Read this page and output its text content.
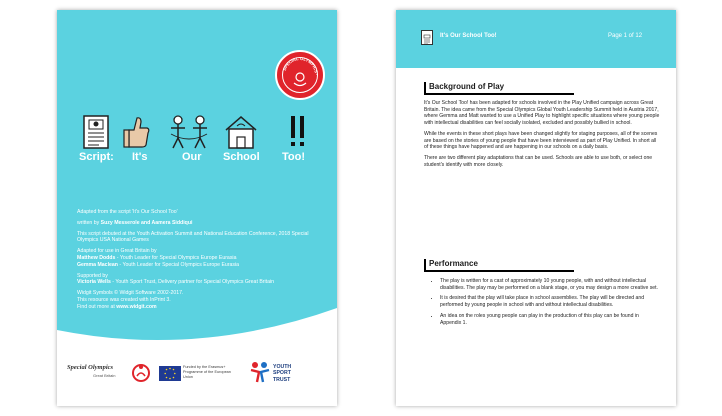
SPECIAL OLYMPICS ·
Script: It's	Our School Too!

Adapted from the script 'It's Our School Too'

written by Suzy Messerole and Aamera Siddiqui

This script debuted at the Youth Activation Summit and National Education Conference, 2018 Special Olympics USA National Games

Adapted for use in Great Britain by
Matthew Dodds - Youth Leader for Special Olympics Europe Eurasia
Gemma Maclean - Youth Leader for Special Olympics Europe Eurasia

Supported by
Victoria Wells - Youth Sport Trust, Delivery partner for Special Olympics Great Britain

Widgit Symbols © Widgit Software 2002-2017.
This resource was created with InPrint 3.
Find out more at www.widgit.com

Special Olympics
Great Britain
Funded by the Erasmus+ Programme of the European Union
YOUTH
SPORT
TRUST
It's Our School Too!	Page 1 of 12
Background of Play

It's Our School Too! has been adapted for schools involved in the Play Unified campaign across Great Britain. The idea came from the Special Olympics Global Youth Leadership Summit held in Austria 2017, where Gemma and Matt wanted to use a Unified Play to highlight specific situations where young people with intellectual disabilities can feel socially isolated, excluded and possibly bullied in school.

While the events in these short plays have been changed slightly for staging purposes, all of the scenes are based on the stories of young people that have been interviewed as part of Play Unified. In short all of these things have happened and are happening in our schools on a daily basis.

There are two different play adaptations that can be used. Schools are able to use both, or select one student's identify with more closely.

Performance
• The play is written for a cast of approximately 10 young people, with and without intellectual disabilities. The play may be performed on a blank stage, or you may design a more creative set.
• It is desired that the play will take place in school assemblies. The play will be directed and performed by young people in school with and without intellectual disabilities.
• An idea on the roles young people can play in the production of this play can be found in Appendix 1.
